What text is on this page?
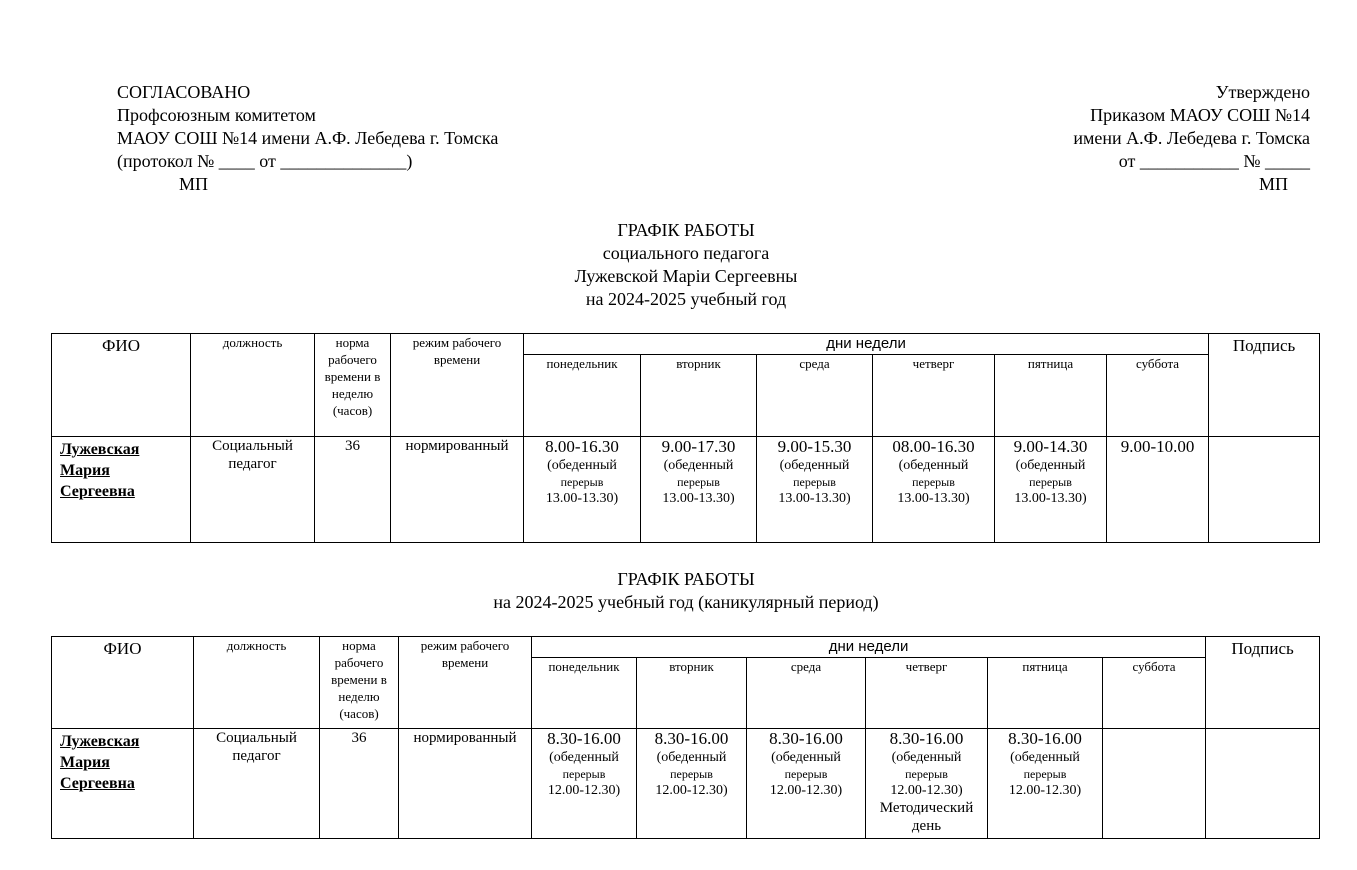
СОГЛАСОВАНО
Профсоюзным комитетом
МАОУ СОШ №14 имени А.Ф. Лебедева г. Томска
(протокол № ____ от ______________)
МП
Утверждено
Приказом МАОУ СОШ №14
имени А.Ф. Лебедева г. Томска
от ___________ № _____
МП
ГРАФІК РАБОТЫ
социального педагога
Лужевской Маріи Сергеевны
на 2024-2025 учебный год
ФИО	должность	норма рабочего времени в неделю (часов)	режим рабочего времени	дни недели						Подпись
				понедельник	вторник	среда	четверг	пятница	суббота	

Лужевская
Мария
Сергеевна	Социальный педагог	36	нормированный	8.00-16.30
(обеденный
перерыв
13.00-13.30)	9.00-17.30
(обеденный
перерыв
13.00-13.30)	9.00-15.30
(обеденный
перерыв
13.00-13.30)	08.00-16.30
(обеденный
перерыв
13.00-13.30)	9.00-14.30
(обеденный
перерыв
13.00-13.30)	9.00-10.00	

ГРАФІК РАБОТЫ
на 2024-2025 учебный год (каникулярный период)
ФИО	должность	норма рабочего времени в неделю (часов)	режим рабочего времени	дни недели						Подпись
				понедельник	вторник	среда	четверг	пятница	суббота	

Лужевская
Мария
Сергеевна	Социальный педагог	36	нормированный	8.30-16.00
(обеденный
перерыв
12.00-12.30)	8.30-16.00
(обеденный
перерыв
12.00-12.30)	8.30-16.00
(обеденный
перерыв
12.00-12.30)	8.30-16.00
(обеденный
перерыв
12.00-12.30)
Методический день	8.30-16.00
(обеденный
перерыв
12.00-12.30)		
